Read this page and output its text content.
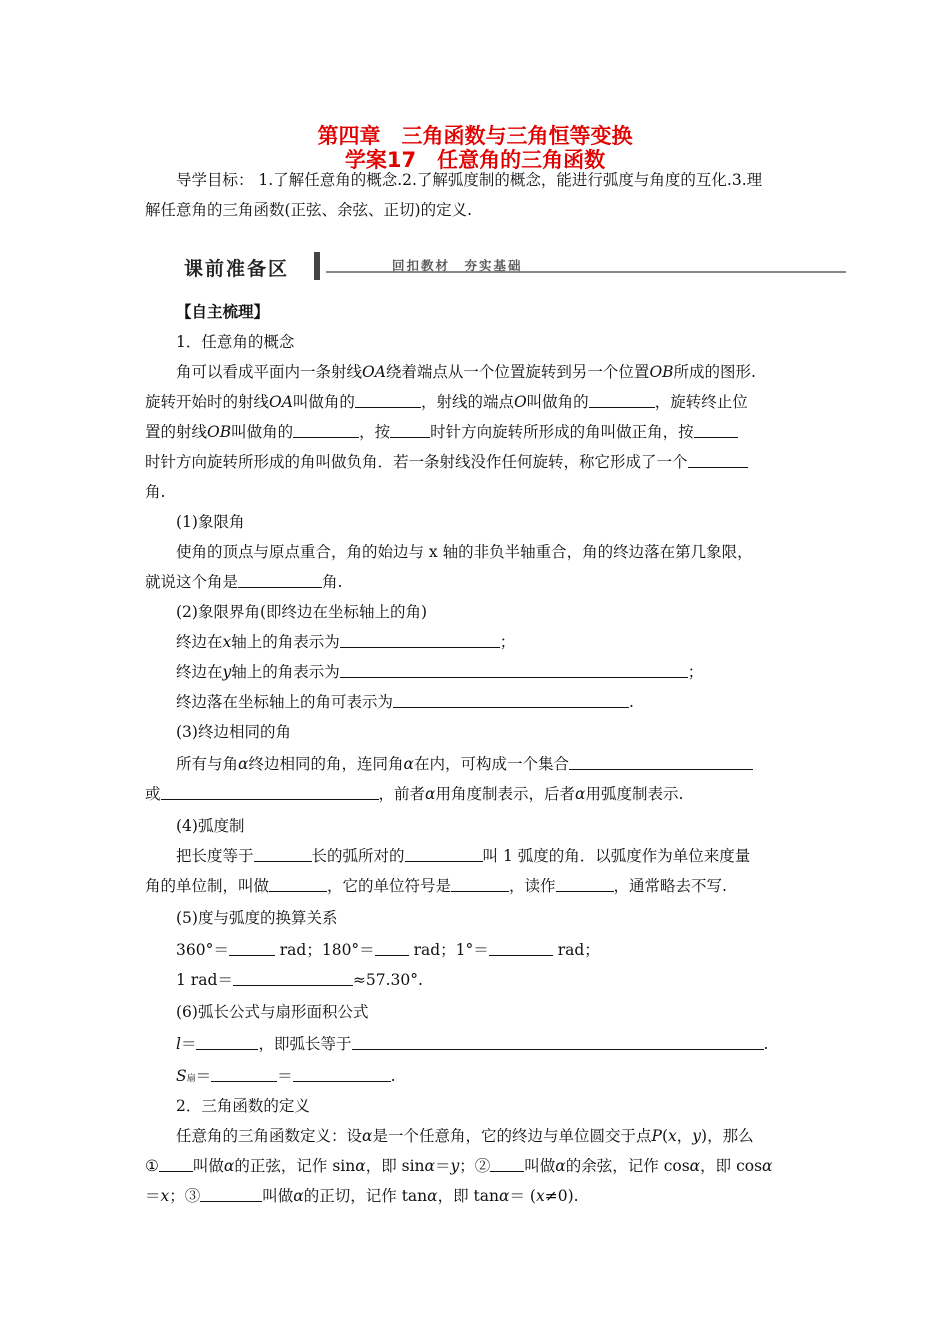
第四章　三角函数与三角恒等变换
学案17　任意角的三角函数
导学目标： 1.了解任意角的概念.2.了解弧度制的概念，能进行弧度与角度的互化.3.理
解任意角的三角函数(正弦、余弦、正切)的定义.
课前准备区	回扣教材　夯实基础
【自主梳理】
1．任意角的概念
角可以看成平面内一条射线OA绕着端点从一个位置旋转到另一个位置OB所成的图形.
旋转开始时的射线OA叫做角的	，射线的端点O叫做角的	，旋转终止位
置的射线OB叫做角的	，按	时针方向旋转所形成的角叫做正角，按
时针方向旋转所形成的角叫做负角．若一条射线没作任何旋转，称它形成了一个
角.
(1)象限角
使角的顶点与原点重合，角的始边与 x 轴的非负半轴重合，角的终边落在第几象限，
就说这个角是	角.
(2)象限界角(即终边在坐标轴上的角)
终边在x轴上的角表示为	；
终边在y轴上的角表示为	；
终边落在坐标轴上的角可表示为	.
(3)终边相同的角
所有与角α终边相同的角，连同角α在内，可构成一个集合
或	，前者α用角度制表示，后者α用弧度制表示.
(4)弧度制
把长度等于	长的弧所对的	叫 1 弧度的角．以弧度作为单位来度量
角的单位制，叫做	，它的单位符号是	，读作	，通常略去不写.
(5)度与弧度的换算关系
360°＝	rad；180°＝ rad；1°＝	rad；
1 rad＝	≈57.30°.
(6)弧长公式与扇形面积公式
l＝	，即弧长等于	.
S扇＝	＝	.
2．三角函数的定义
任意角的三角函数定义：设α是一个任意角，它的终边与单位圆交于点P(x，y)，那么
① 叫做α的正弦，记作 sinα，即 sinα＝y；② 叫做α的余弦，记作 cosα，即 cosα
＝x；③	叫做α的正切，记作 tanα，即 tanα＝ (x≠0).
